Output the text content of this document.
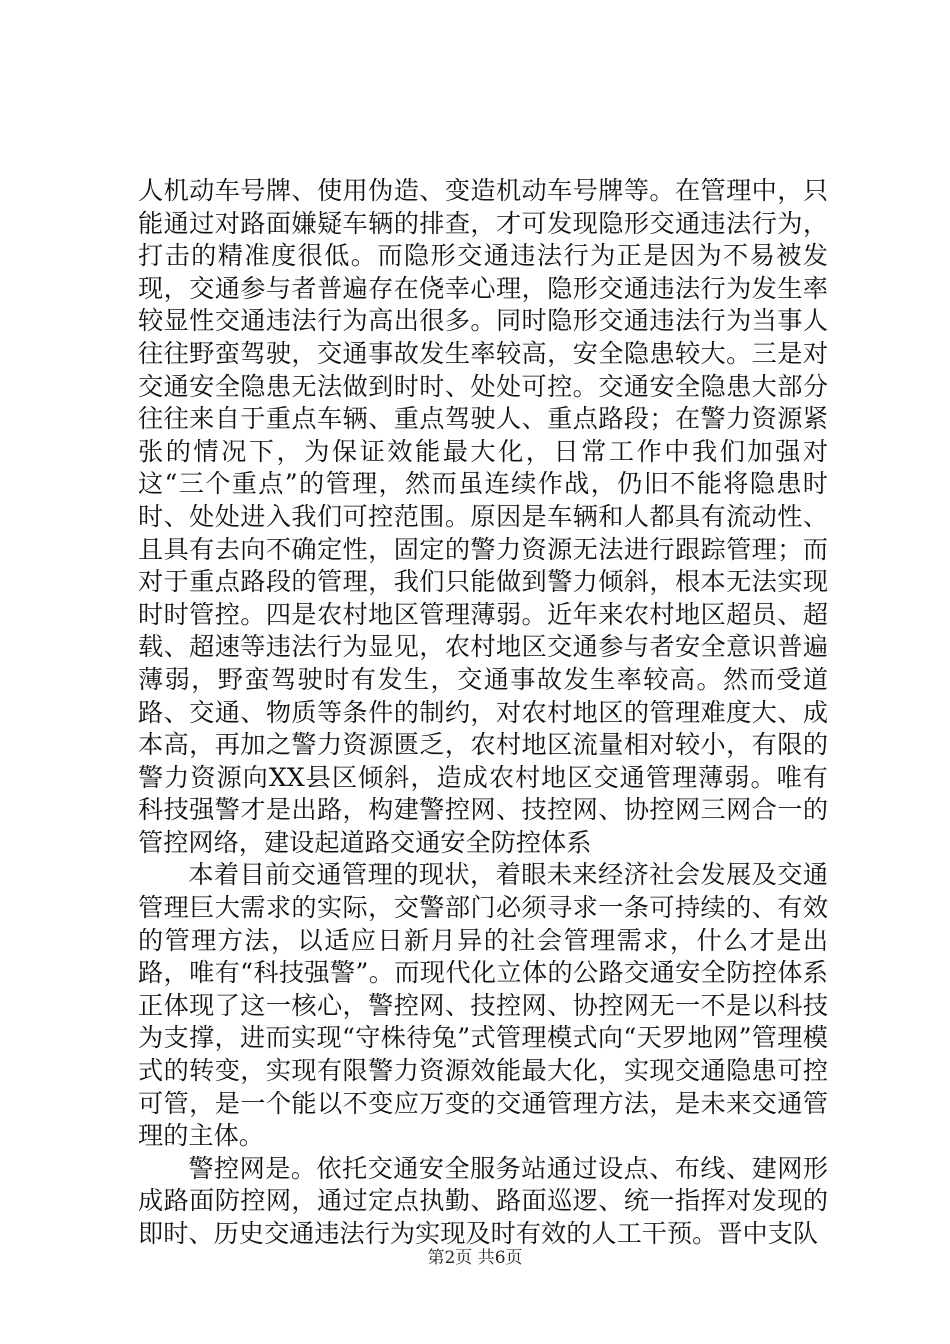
人机动车号牌、使用伪造、变造机动车号牌等。在管理中，只能通过对路面嫌疑车辆的排查，才可发现隐形交通违法行为，打击的精准度很低。而隐形交通违法行为正是因为不易被发现，交通参与者普遍存在侥幸心理，隐形交通违法行为发生率较显性交通违法行为高出很多。同时隐形交通违法行为当事人往往野蛮驾驶，交通事故发生率较高，安全隐患较大。三是对交通安全隐患无法做到时时、处处可控。交通安全隐患大部分往往来自于重点车辆、重点驾驶人、重点路段；在警力资源紧张的情况下，为保证效能最大化，日常工作中我们加强对这“三个重点”的管理，然而虽连续作战，仍旧不能将隐患时时、处处进入我们可控范围。原因是车辆和人都具有流动性、且具有去向不确定性，固定的警力资源无法进行跟踪管理；而对于重点路段的管理，我们只能做到警力倾斜，根本无法实现时时管控。四是农村地区管理薄弱。近年来农村地区超员、超载、超速等违法行为显见，农村地区交通参与者安全意识普遍薄弱，野蛮驾驶时有发生，交通事故发生率较高。然而受道路、交通、物质等条件的制约，对农村地区的管理难度大、成本高，再加之警力资源匮乏，农村地区流量相对较小，有限的警力资源向XX县区倾斜，造成农村地区交通管理薄弱。唯有科技强警才是出路，构建警控网、技控网、协控网三网合一的管控网络，建设起道路交通安全防控体系

本着目前交通管理的现状，着眼未来经济社会发展及交通管理巨大需求的实际，交警部门必须寻求一条可持续的、有效的管理方法，以适应日新月异的社会管理需求，什么才是出路，唯有“科技强警”。而现代化立体的公路交通安全防控体系正体现了这一核心，警控网、技控网、协控网无一不是以科技为支撑，进而实现“守株待兔”式管理模式向“天罗地网”管理模式的转变，实现有限警力资源效能最大化，实现交通隐患可控可管，是一个能以不变应万变的交通管理方法，是未来交通管理的主体。

警控网是。依托交通安全服务站通过设点、布线、建网形成路面防控网，通过定点执勤、路面巡逻、统一指挥对发现的即时、历史交通违法行为实现及时有效的人工干预。晋中支队

第2页 共6页
